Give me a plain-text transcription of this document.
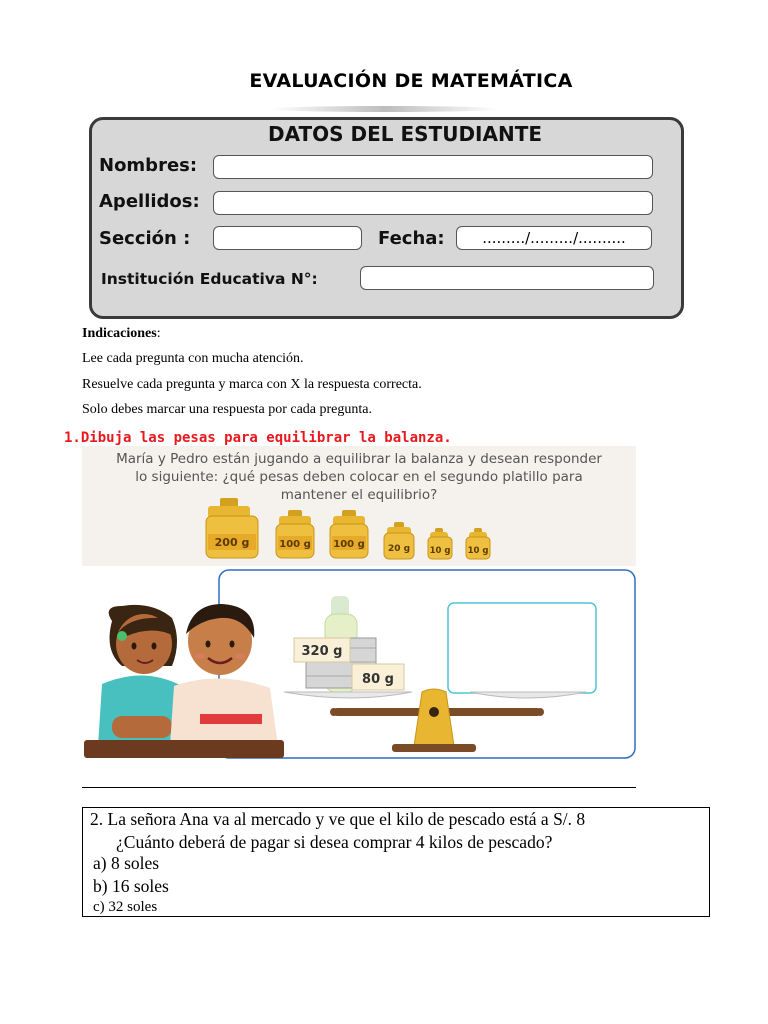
EVALUACIÓN DE MATEMÁTICA
DATOS DEL ESTUDIANTE
Nombres:
Apellidos:
Sección :	Fecha:	........./........./..........
Institución Educativa N°:
Indicaciones:
Lee cada pregunta con mucha atención.
Resuelve cada pregunta y marca con X la respuesta correcta.
Solo debes marcar una respuesta por cada pregunta.
1.Dibuja las pesas para equilibrar la balanza.
María y Pedro están jugando a equilibrar la balanza y desean responder
lo siguiente: ¿qué pesas deben colocar en el segundo platillo para
mantener el equilibrio?
200 g	100 g 100 g	20 g 10 g 10 g
320 g
80 g
2. La señora Ana va al mercado y ve que el kilo de pescado está a S/. 8
¿Cuánto deberá de pagar si desea comprar 4 kilos de pescado?
a) 8 soles
b) 16 soles
c) 32 soles
